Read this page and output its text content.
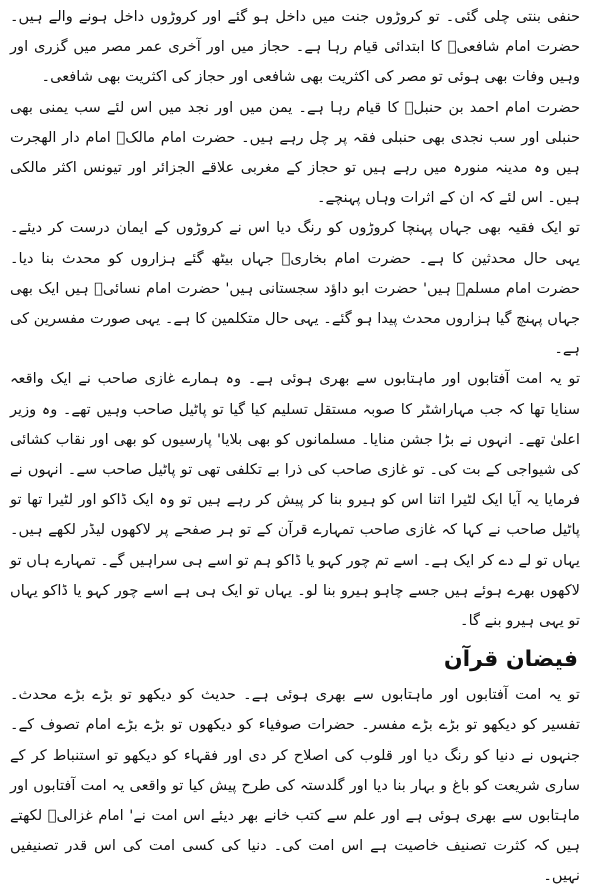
حنفی بنتی چلی گئی۔ تو کروڑوں جنت میں داخل ہو گئے اور کروڑوں داخل ہونے والے ہیں۔ حضرت امام شافعیؒ کا ابتدائی قیام رہا ہے۔ حجاز میں اور آخری عمر مصر میں گزری اور وہیں وفات بھی ہوئی تو مصر کی اکثریت بھی شافعی اور حجاز کی اکثریت بھی شافعی۔

حضرت امام احمد بن حنبلؒ کا قیام رہا ہے۔ یمن میں اور نجد میں اس لئے سب یمنی بھی حنبلی اور سب نجدی بھی حنبلی فقہ پر چل رہے ہیں۔ حضرت امام مالکؒ امام دار الھجرت ہیں وہ مدینہ منورہ میں رہے ہیں تو حجاز کے مغربی علاقے الجزائر اور تیونس اکثر مالکی ہیں۔ اس لئے کہ ان کے اثرات وہاں پہنچے۔

تو ایک فقیہ بھی جہاں پہنچا کروڑوں کو رنگ دیا اس نے کروڑوں کے ایمان درست کر دیئے۔ یہی حال محدثین کا ہے۔ حضرت امام بخاریؒ جہاں بیٹھ گئے ہزاروں کو محدث بنا دیا۔ حضرت امام مسلمؒ ہیں' حضرت ابو داؤد سجستانی ہیں' حضرت امام نسائیؒ ہیں ایک بھی جہاں پہنچ گیا ہزاروں محدث پیدا ہو گئے۔ یہی حال متکلمین کا ہے۔ یہی صورت مفسرین کی ہے۔

تو یہ امت آفتابوں اور ماہتابوں سے بھری ہوئی ہے۔ وہ ہمارے غازی صاحب نے ایک واقعہ سنایا تھا کہ جب مہاراشٹر کا صوبہ مستقل تسلیم کیا گیا تو پاٹیل صاحب وہیں تھے۔ وہ وزیر اعلیٰ تھے۔ انہوں نے بڑا جشن منایا۔ مسلمانوں کو بھی بلایا' پارسیوں کو بھی اور نقاب کشائی کی شیواجی کے بت کی۔ تو غازی صاحب کی ذرا بے تکلفی تھی تو پاٹیل صاحب سے۔ انہوں نے فرمایا یہ آیا ایک لٹیرا اتنا اس کو ہیرو بنا کر پیش کر رہے ہیں تو وہ ایک ڈاکو اور لٹیرا تھا تو پاٹیل صاحب نے کہا کہ غازی صاحب تمہارے قرآن کے تو ہر صفحے پر لاکھوں لیڈر لکھے ہیں۔ یہاں تو لے دے کر ایک ہے۔ اسے تم چور کہو یا ڈاکو ہم تو اسے ہی سراہیں گے۔ تمہارے ہاں تو لاکھوں بھرے ہوئے ہیں جسے چاہو ہیرو بنا لو۔ یہاں تو ایک ہی ہے اسے چور کہو یا ڈاکو یہاں تو یہی ہیرو بنے گا۔

فیضان قرآن

تو یہ امت آفتابوں اور ماہتابوں سے بھری ہوئی ہے۔ حدیث کو دیکھو تو بڑے بڑے محدث۔ تفسیر کو دیکھو تو بڑے بڑے مفسر۔ حضرات صوفیاء کو دیکھوں تو بڑے بڑے امام تصوف کے۔ جنہوں نے دنیا کو رنگ دیا اور قلوب کی اصلاح کر دی اور فقہاء کو دیکھو تو استنباط کر کے ساری شریعت کو باغ و بہار بنا دیا اور گلدستہ کی طرح پیش کیا تو واقعی یہ امت آفتابوں اور ماہتابوں سے بھری ہوئی ہے اور علم سے کتب خانے بھر دیئے اس امت نے' امام غزالیؒ لکھتے ہیں کہ کثرت تصنیف خاصیت ہے اس امت کی۔ دنیا کی کسی امت کی اس قدر تصنیفیں نہیں۔
